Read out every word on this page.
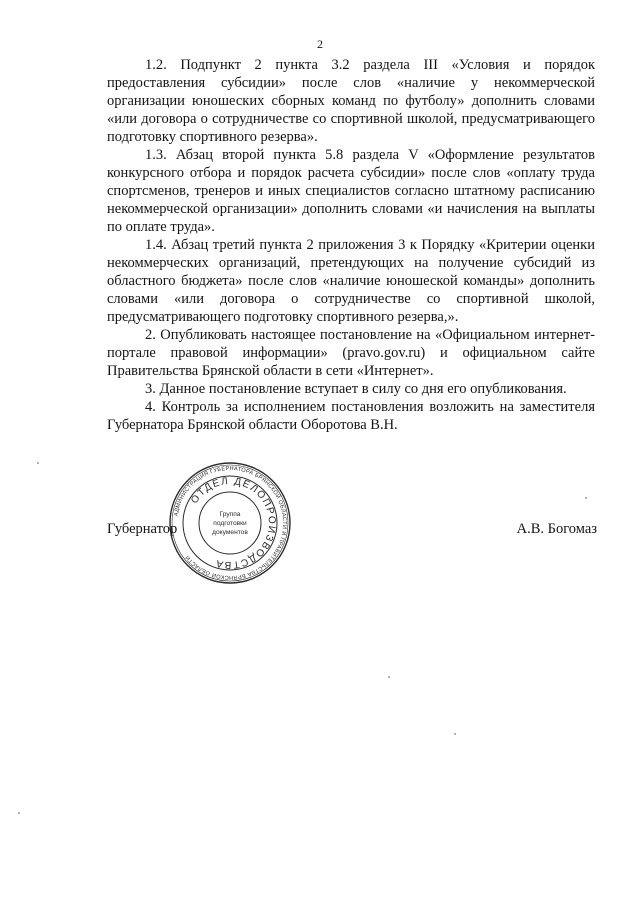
2

1.2. Подпункт 2 пункта 3.2 раздела III «Условия и порядок предоставления субсидии» после слов «наличие у некоммерческой организации юношеских сборных команд по футболу» дополнить словами «или договора о сотрудничестве со спортивной школой, предусматривающего подготовку спортивного резерва».

1.3. Абзац второй пункта 5.8 раздела V «Оформление результатов конкурсного отбора и порядок расчета субсидии» после слов «оплату труда спортсменов, тренеров и иных специалистов согласно штатному расписанию некоммерческой организации» дополнить словами «и начисления на выплаты по оплате труда».

1.4. Абзац третий пункта 2 приложения 3 к Порядку «Критерии оценки некоммерческих организаций, претендующих на получение субсидий из областного бюджета» после слов «наличие юношеской команды» дополнить словами «или договора о сотрудничестве со спортивной школой, предусматривающего подготовку спортивного резерва,».

2. Опубликовать настоящее постановление на «Официальном интернет-портале правовой информации» (pravo.gov.ru) и официальном сайте Правительства Брянской области в сети «Интернет».

3. Данное постановление вступает в силу со дня его опубликования.

4. Контроль за исполнением постановления возложить на заместителя Губернатора Брянской области Оборотова В.Н.

Губернатор	А.В. Богомаз
АДМИНИСТРАЦИЯ ГУБЕРНАТОРА БРЯНСКОЙ ОБЛАСТИ И ПРАВИТЕЛЬСТВА БРЯНСКОЙ ОБЛАСТИ
ОТДЕЛ ДЕЛОПРОИЗВОДСТВА
Группа
подготовки
документов
